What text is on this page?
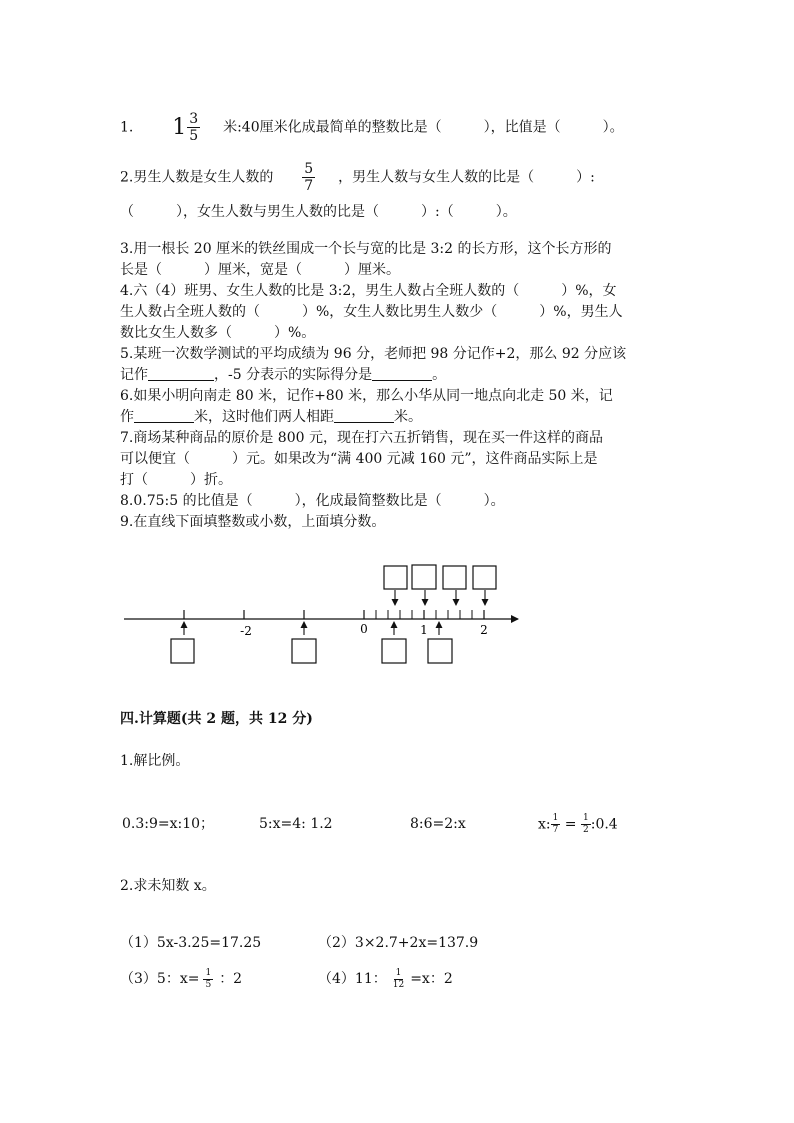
1. $1 \frac{3}{5}$ 米:40厘米化成最简单的整数比是（　　　），比值是（　　　）。
2.男生人数是女生人数的 $\frac{5}{7}$ ，男生人数与女生人数的比是（　　　）:
（　　　），女生人数与男生人数的比是（　　　）:（　　　）。
3.用一根长 20 厘米的铁丝围成一个长与宽的比是 3:2 的长方形，这个长方形的
长是（　　　）厘米，宽是（　　　）厘米。
4.六（4）班男、女生人数的比是 3:2，男生人数占全班人数的（　　　）%，女
生人数占全班人数的（　　　）%，女生人数比男生人数少（　　　）%，男生人
数比女生人数多（　　　）%。
5.某班一次数学测试的平均成绩为 96 分，老师把 98 分记作+2，那么 92 分应该
记作	，-5 分表示的实际得分是	。
6.如果小明向南走 80 米，记作+80 米，那么小华从同一地点向北走 50 米，记
作	米，这时他们两人相距	米。
7.商场某种商品的原价是 800 元，现在打六五折销售，现在买一件这样的商品
可以便宜（　　　）元。如果改为“满 400 元减 160 元”，这件商品实际上是
打（　　　）折。
8.0.75:5 的比值是（　　　），化成最简整数比是（　　　）。
9.在直线下面填整数或小数，上面填分数。
-2	0	1	2
四.计算题(共 2 题，共 12 分)
1.解比例。
0.3:9=x:10；	5:x=4: 1.2	8:6=2:x	x: $\frac{1}{7} = \frac{1}{2}$ :0.4
2.求未知数 x。
（1）5x-3.25=17.25	（2）3×2.7+2x=137.9
（3）5：$x= \frac{1}{5}$ ：2	（4）11： $\frac{1}{12} =x$：2
